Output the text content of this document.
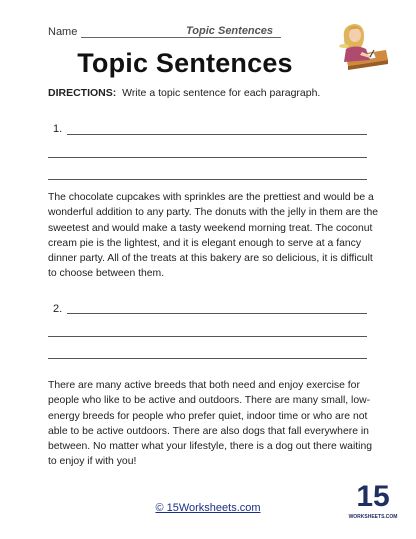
Name	Topic Sentences
Topic Sentences
DIRECTIONS: Write a topic sentence for each paragraph.
1.
The chocolate cupcakes with sprinkles are the prettiest and would be a wonderful addition to any party. The donuts with the jelly in them are the sweetest and would make a tasty weekend morning treat. The coconut cream pie is the lightest, and it is elegant enough to serve at a fancy dinner party. All of the treats at this bakery are so delicious, it is difficult to choose between them.
2.
There are many active breeds that both need and enjoy exercise for people who like to be active and outdoors. There are many small, low-energy breeds for people who prefer quiet, indoor time or who are not able to be active outdoors. There are also dogs that fall everywhere in between. No matter what your lifestyle, there is a dog out there waiting to enjoy if with you!
© 15Worksheets.com	15
WORKSHEETS.COM
